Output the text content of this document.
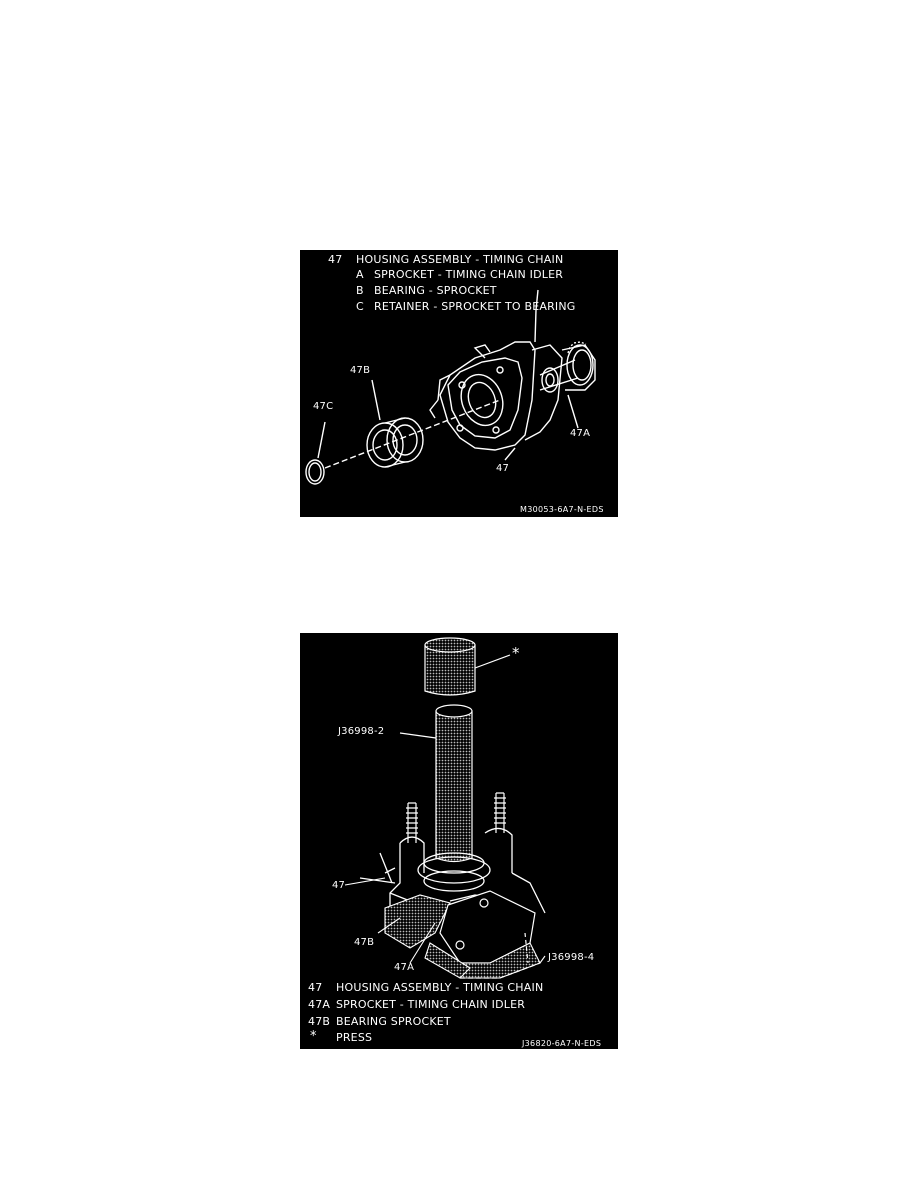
47 HOUSING ASSEMBLY - TIMING CHAIN
A SPROCKET - TIMING CHAIN IDLER
B BEARING - SPROCKET
C RETAINER - SPROCKET TO BEARING
47B
47C
47A
47
M30053-6A7-N-EDS
*
J36998-2
47
47B
47A
J36998-4
47 HOUSING ASSEMBLY - TIMING CHAIN
47A SPROCKET - TIMING CHAIN IDLER
47B BEARING SPROCKET
* PRESS	J36820-6A7-N-EDS
